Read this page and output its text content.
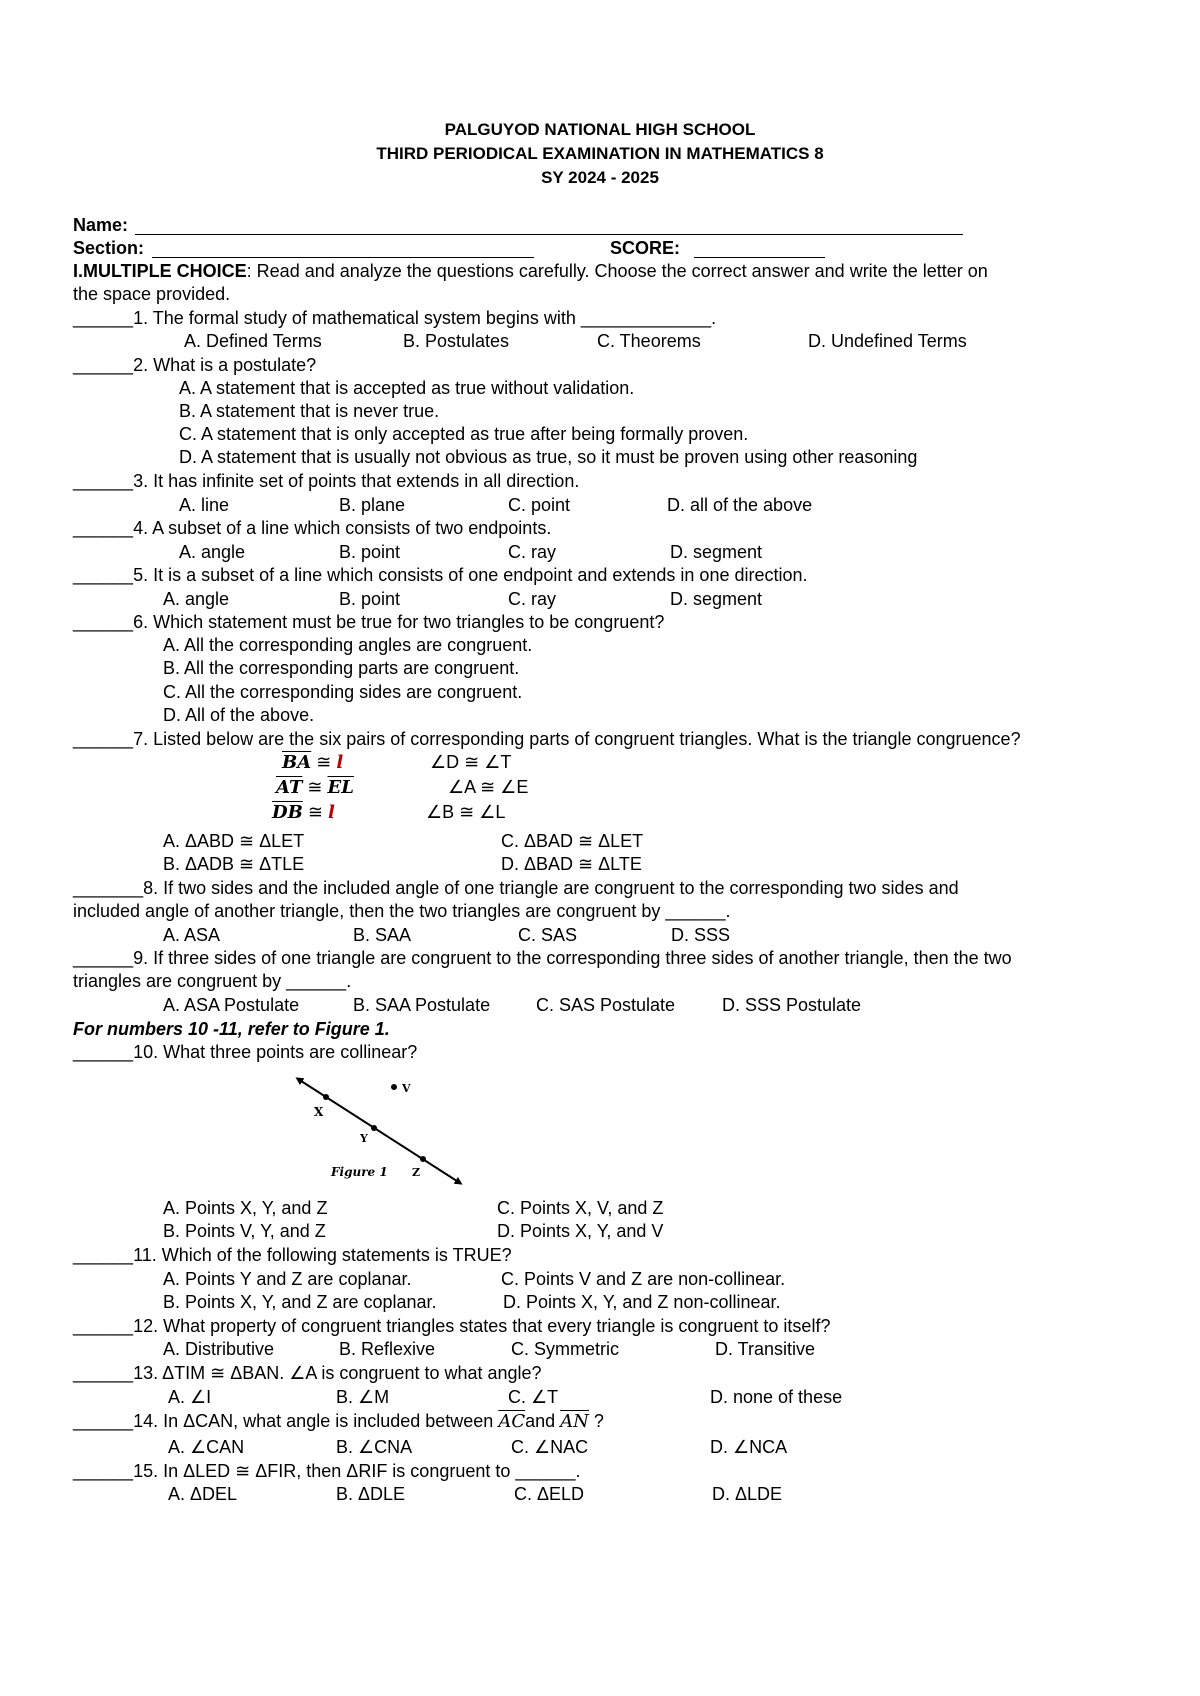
PALGUYOD NATIONAL HIGH SCHOOL
THIRD PERIODICAL EXAMINATION IN MATHEMATICS 8
SY 2024 - 2025
Name:
Section:	SCORE:
I.MULTIPLE CHOICE: Read and analyze the questions carefully. Choose the correct answer and write the letter on
the space provided.
______1. The formal study of mathematical system begins with _____________.
A. Defined Terms	B. Postulates	C. Theorems	D. Undefined Terms
______2. What is a postulate?
A. A statement that is accepted as true without validation.
B. A statement that is never true.
C. A statement that is only accepted as true after being formally proven.
D. A statement that is usually not obvious as true, so it must be proven using other reasoning
______3. It has infinite set of points that extends in all direction.
A. line	B. plane	C. point	D. all of the above
______4. A subset of a line which consists of two endpoints.
A. angle	B. point	C. ray	D. segment
______5. It is a subset of a line which consists of one endpoint and extends in one direction.
A. angle	B. point	C. ray	D. segment
______6. Which statement must be true for two triangles to be congruent?
A. All the corresponding angles are congruent.
B. All the corresponding parts are congruent.
C. All the corresponding sides are congruent.
D. All of the above.
______7. Listed below are the six pairs of corresponding parts of congruent triangles. What is the triangle congruence?
$\overline{BA}$ ≅ l	∠D ≅ ∠T
$\overline{AT}$ ≅ $\overline{EL}$	∠A ≅ ∠E
$\overline{DB}$ ≅ l	∠B ≅ ∠L
A. ΔABD ≅ ΔLET	C. ΔBAD ≅ ΔLET
B. ΔADB ≅ ΔTLE	D. ΔBAD ≅ ΔLTE
_______8. If two sides and the included angle of one triangle are congruent to the corresponding two sides and
included angle of another triangle, then the two triangles are congruent by ______.
A. ASA	B. SAA	C. SAS	D. SSS
______9. If three sides of one triangle are congruent to the corresponding three sides of another triangle, then the two
triangles are congruent by ______.
A. ASA Postulate	B. SAA Postulate	C. SAS Postulate	D. SSS Postulate
For numbers 10 -11, refer to Figure 1.
______10. What three points are collinear?
X
V
Y
Z
Figure 1
A. Points X, Y, and Z	C. Points X, V, and Z
B. Points V, Y, and Z	D. Points X, Y, and V
______11. Which of the following statements is TRUE?
A. Points Y and Z are coplanar.	C. Points V and Z are non-collinear.
B. Points X, Y, and Z are coplanar.	D. Points X, Y, and Z non-collinear.
______12. What property of congruent triangles states that every triangle is congruent to itself?
A. Distributive	B. Reflexive	C. Symmetric	D. Transitive
______13. ΔTIM ≅ ΔBAN. ∠A is congruent to what angle?
A. ∠I	B. ∠M	C. ∠T	D. none of these
______14. In ΔCAN, what angle is included between $\overline{AC}and$ $\overline{AN}$ ?
A. ∠CAN	B. ∠CNA	C. ∠NAC	D. ∠NCA
______15. In ΔLED ≅ ΔFIR, then ΔRIF is congruent to ______.
A. ΔDEL	B. ΔDLE	C. ΔELD	D. ΔLDE
